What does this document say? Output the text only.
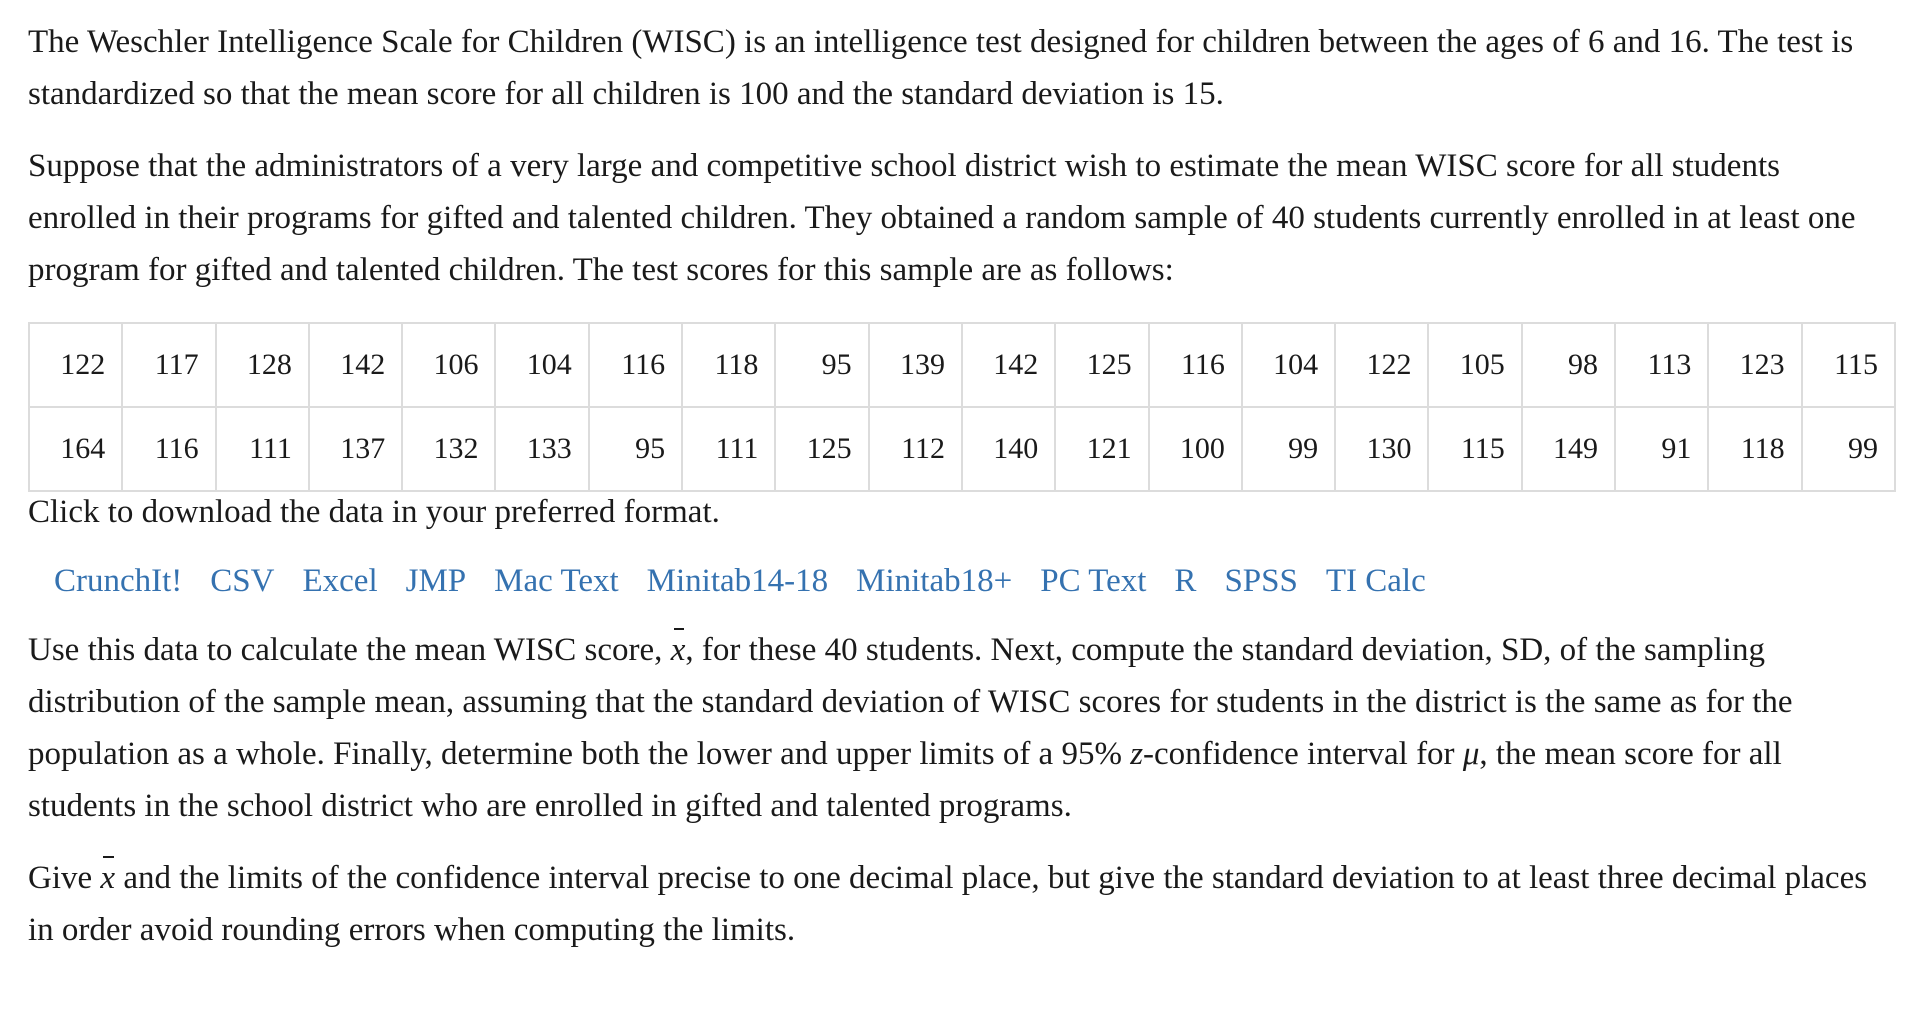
The Weschler Intelligence Scale for Children (WISC) is an intelligence test designed for children between the ages of 6 and 16. The test is standardized so that the mean score for all children is 100 and the standard deviation is 15.

Suppose that the administrators of a very large and competitive school district wish to estimate the mean WISC score for all students enrolled in their programs for gifted and talented children. They obtained a random sample of 40 students currently enrolled in at least one program for gifted and talented children. The test scores for this sample are as follows:

122	117	128	142	106	104	116	118	95	139	142	125	116	104	122	105	98	113	123	115
164	116	111	137	132	133	95	111	125	112	140	121	100	99	130	115	149	91	118	99

Click to download the data in your preferred format.

CrunchIt! CSV Excel JMP Mac Text Minitab14-18 Minitab18+ PC Text R SPSS TI Calc

Use this data to calculate the mean WISC score, x, for these 40 students. Next, compute the standard deviation, SD, of the sampling distribution of the sample mean, assuming that the standard deviation of WISC scores for students in the district is the same as for the population as a whole. Finally, determine both the lower and upper limits of a 95% z-confidence interval for μ, the mean score for all students in the school district who are enrolled in gifted and talented programs.

Give x and the limits of the confidence interval precise to one decimal place, but give the standard deviation to at least three decimal places in order avoid rounding errors when computing the limits.
